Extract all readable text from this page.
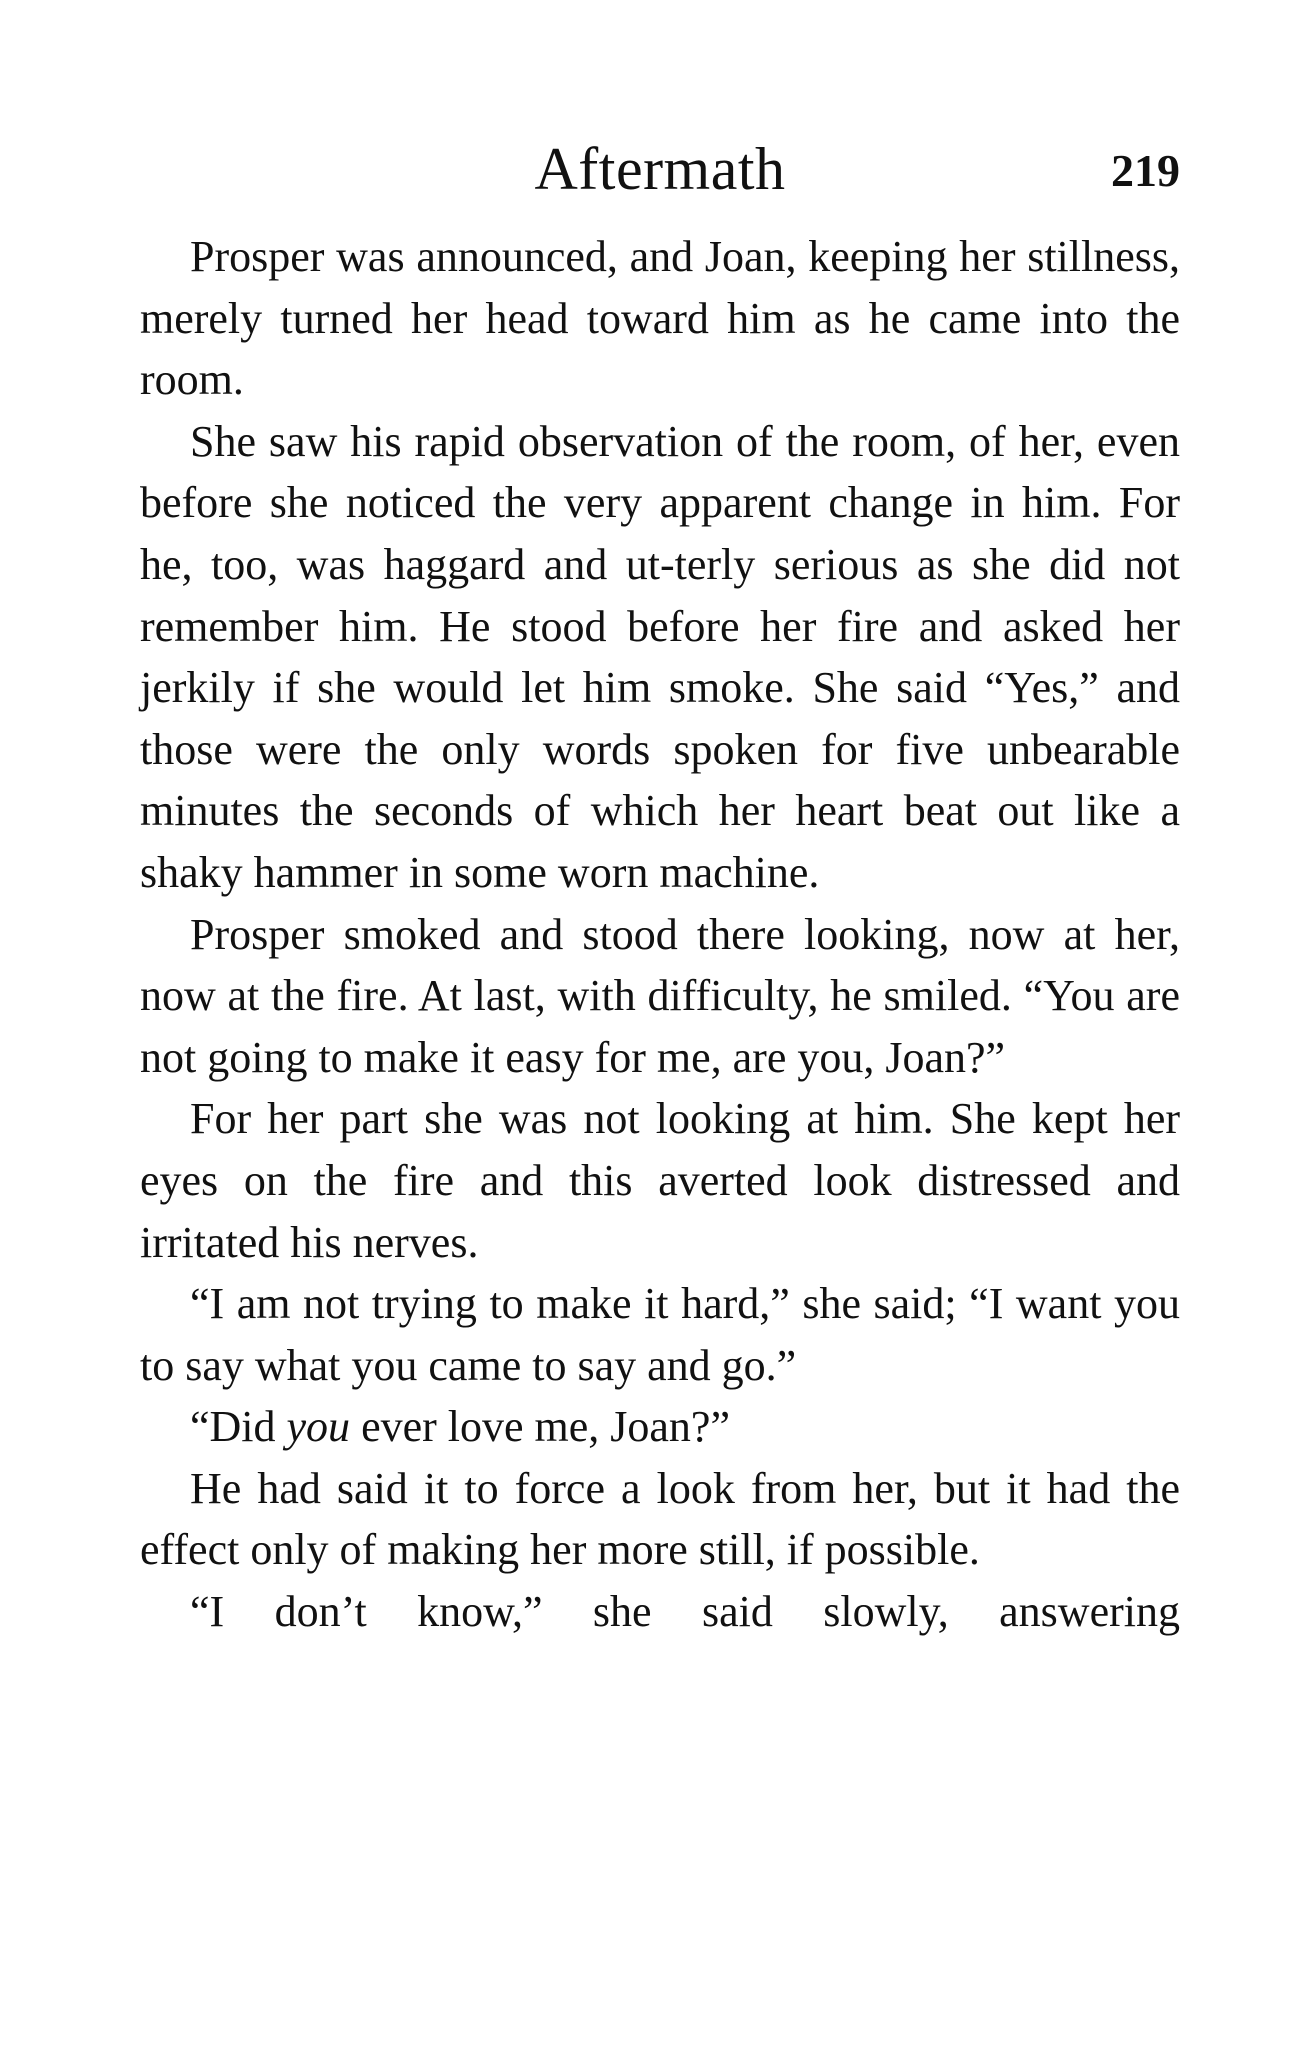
Aftermath	219

Prosper was announced, and Joan, keeping her stillness, merely turned her head toward him as he came into the room.

She saw his rapid observation of the room, of her, even before she noticed the very apparent change in him. For he, too, was haggard and ut-terly serious as she did not remember him. He stood before her fire and asked her jerkily if she would let him smoke. She said “Yes,” and those were the only words spoken for five unbearable minutes the seconds of which her heart beat out like a shaky hammer in some worn machine.

Prosper smoked and stood there looking, now at her, now at the fire. At last, with difficulty, he smiled. “You are not going to make it easy for me, are you, Joan?”

For her part she was not looking at him. She kept her eyes on the fire and this averted look distressed and irritated his nerves.

“I am not trying to make it hard,” she said; “I want you to say what you came to say and go.”

“Did you ever love me, Joan?”

He had said it to force a look from her, but it had the effect only of making her more still, if possible.

“I don’t know,” she said slowly, answering
